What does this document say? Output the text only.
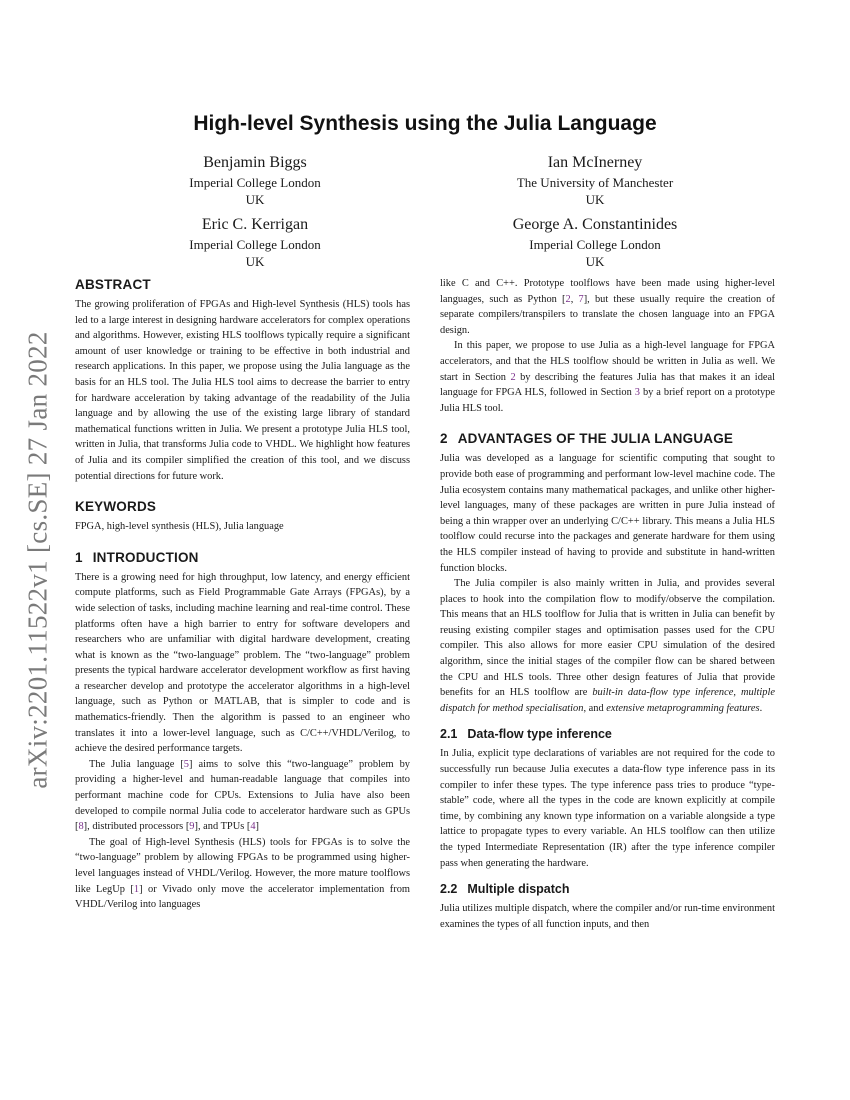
arXiv:2201.11522v1 [cs.SE] 27 Jan 2022
High-level Synthesis using the Julia Language
Benjamin Biggs
Imperial College London
UK
Ian McInerney
The University of Manchester
UK
Eric C. Kerrigan
Imperial College London
UK
George A. Constantinides
Imperial College London
UK
ABSTRACT

The growing proliferation of FPGAs and High-level Synthesis (HLS) tools has led to a large interest in designing hardware accelerators for complex operations and algorithms. However, existing HLS toolflows typically require a significant amount of user knowledge or training to be effective in both industrial and research applications. In this paper, we propose using the Julia language as the basis for an HLS tool. The Julia HLS tool aims to decrease the barrier to entry for hardware acceleration by taking advantage of the readability of the Julia language and by allowing the use of the existing large library of standard mathematical functions written in Julia. We present a prototype Julia HLS tool, written in Julia, that transforms Julia code to VHDL. We highlight how features of Julia and its compiler simplified the creation of this tool, and we discuss potential directions for future work.

KEYWORDS

FPGA, high-level synthesis (HLS), Julia language

1 INTRODUCTION

There is a growing need for high throughput, low latency, and energy efficient compute platforms, such as Field Programmable Gate Arrays (FPGAs), by a wide selection of tasks, including machine learning and real-time control. These platforms often have a high barrier to entry for software developers and researchers who are unfamiliar with digital hardware development, creating what is known as the “two-language” problem. The “two-language” problem presents the typical hardware accelerator development workflow as first having a researcher develop and prototype the accelerator algorithms in a high-level language, such as Python or MATLAB, that is simpler to code and is mathematics-friendly. Then the algorithm is passed to an engineer who translates it into a lower-level language, such as C/C++/VHDL/Verilog, to achieve the desired performance targets.

The Julia language [5] aims to solve this “two-language” problem by providing a higher-level and human-readable language that compiles into performant machine code for CPUs. Extensions to Julia have also been developed to compile normal Julia code to accelerator hardware such as GPUs [8], distributed processors [9], and TPUs [4]

The goal of High-level Synthesis (HLS) tools for FPGAs is to solve the “two-language” problem by allowing FPGAs to be programmed using higher-level languages instead of VHDL/Verilog. However, the more mature toolflows like LegUp [1] or Vivado only move the accelerator implementation from VHDL/Verilog into languages

like C and C++. Prototype toolflows have been made using higher-level languages, such as Python [2, 7], but these usually require the creation of separate compilers/transpilers to translate the chosen language into an FPGA design.

In this paper, we propose to use Julia as a high-level language for FPGA accelerators, and that the HLS toolflow should be written in Julia as well. We start in Section 2 by describing the features Julia has that makes it an ideal language for FPGA HLS, followed in Section 3 by a brief report on a prototype Julia HLS tool.

2 ADVANTAGES OF THE JULIA LANGUAGE

Julia was developed as a language for scientific computing that sought to provide both ease of programming and performant low-level machine code. The Julia ecosystem contains many mathematical packages, and unlike other higher-level languages, many of these packages are written in pure Julia instead of being a thin wrapper over an underlying C/C++ library. This means a Julia HLS toolflow could recurse into the packages and generate hardware for them using the HLS compiler instead of having to provide and substitute in hand-written function blocks.

The Julia compiler is also mainly written in Julia, and provides several places to hook into the compilation flow to modify/observe the compilation. This means that an HLS toolflow for Julia that is written in Julia can benefit by reusing existing compiler stages and optimisation passes used for the CPU compiler. This also allows for more easier CPU simulation of the desired algorithm, since the initial stages of the compiler flow can be shared between the CPU and HLS tools. Three other design features of Julia that provide benefits for an HLS toolflow are built-in data-flow type inference, multiple dispatch for method specialisation, and extensive metaprogramming features.

2.1 Data-flow type inference

In Julia, explicit type declarations of variables are not required for the code to successfully run because Julia executes a data-flow type inference pass in its compiler to infer these types. The type inference pass tries to produce “type-stable” code, where all the types in the code are known explicitly at compile time, by combining any known type information on a variable alongside a type lattice to propagate types to every variable. An HLS toolflow can then utilize the typed Intermediate Representation (IR) after the type inference compiler pass when generating the hardware.

2.2 Multiple dispatch

Julia utilizes multiple dispatch, where the compiler and/or run-time environment examines the types of all function inputs, and then
